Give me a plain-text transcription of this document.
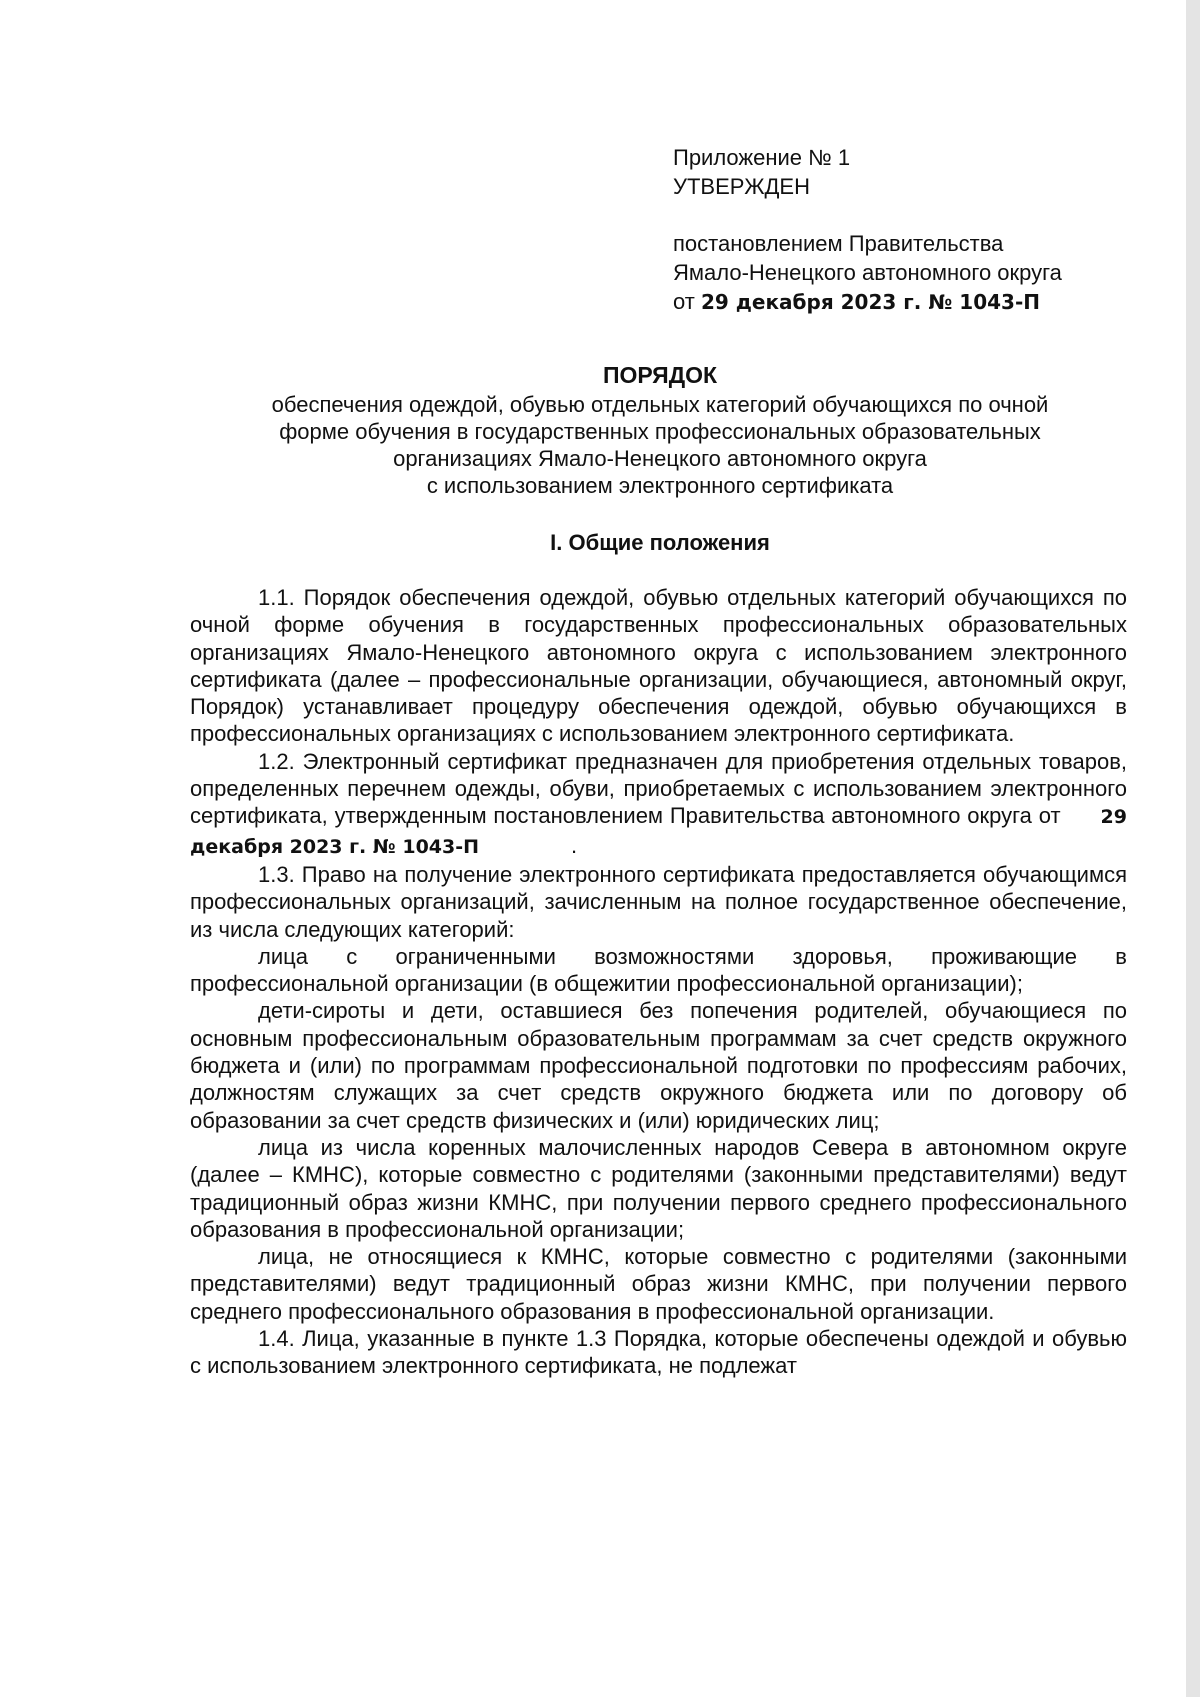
Приложение № 1
УТВЕРЖДЕН
постановлением Правительства
Ямало-Ненецкого автономного округа
от 29 декабря 2023 г. № 1043-П
ПОРЯДОК
обеспечения одеждой, обувью отдельных категорий обучающихся по очной
форме обучения в государственных профессиональных образовательных
организациях Ямало-Ненецкого автономного округа
с использованием электронного сертификата
I. Общие положения

1.1. Порядок обеспечения одеждой, обувью отдельных категорий обучающихся по очной форме обучения в государственных профессиональных образовательных организациях Ямало-Ненецкого автономного округа с использованием электронного сертификата (далее – профессиональные организации, обучающиеся, автономный округ, Порядок) устанавливает процедуру обеспечения одеждой, обувью обучающихся в профессиональных организациях с использованием электронного сертификата.

1.2. Электронный сертификат предназначен для приобретения отдельных товаров, определенных перечнем одежды, обуви, приобретаемых с использованием электронного сертификата, утвержденным постановлением Правительства автономного округа от 29 декабря 2023 г. № 1043-П	.

1.3. Право на получение электронного сертификата предоставляется обучающимся профессиональных организаций, зачисленным на полное государственное обеспечение, из числа следующих категорий:

лица с ограниченными возможностями здоровья, проживающие в профессиональной организации (в общежитии профессиональной организации);

дети-сироты и дети, оставшиеся без попечения родителей, обучающиеся по основным профессиональным образовательным программам за счет средств окружного бюджета и (или) по программам профессиональной подготовки по профессиям рабочих, должностям служащих за счет средств окружного бюджета или по договору об образовании за счет средств физических и (или) юридических лиц;

лица из числа коренных малочисленных народов Севера в автономном округе (далее – КМНС), которые совместно с родителями (законными представителями) ведут традиционный образ жизни КМНС, при получении первого среднего профессионального образования в профессиональной организации;

лица, не относящиеся к КМНС, которые совместно с родителями (законными представителями) ведут традиционный образ жизни КМНС, при получении первого среднего профессионального образования в профессиональной организации.

1.4. Лица, указанные в пункте 1.3 Порядка, которые обеспечены одеждой и обувью с использованием электронного сертификата, не подлежат
